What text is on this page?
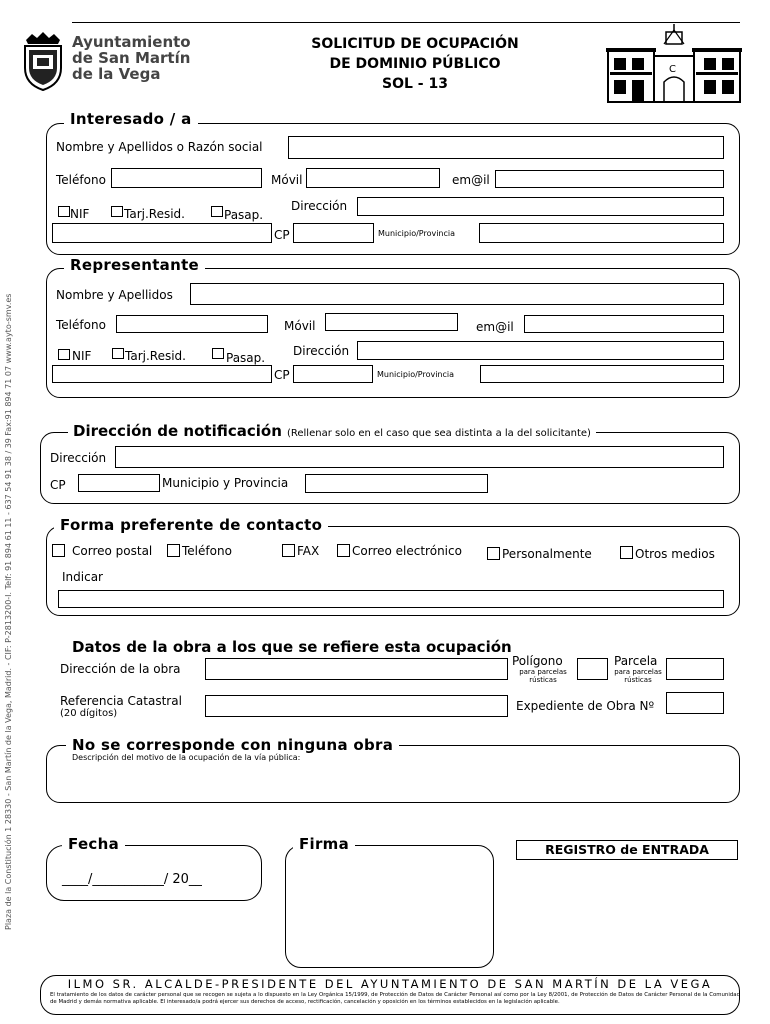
Ayuntamiento
de San Martín
de la Vega
SOLICITUD DE OCUPACIÓN
DE DOMINIO PÚBLICO
SOL - 13
C
Plaza de la Constitución 1 28330 - San Martín de la Vega, Madrid. - CIF: P-2813200-I. Telf: 91 894 61 11 - 637 54 91 38 / 39 Fax:91 894 71 07 www.ayto-smv.es
Interesado / a
Nombre y Apellidos o Razón social
Teléfono	Móvil	em@il
NIF	Tarj.Resid.	Pasap.
Dirección
CP	Municipio/Provincia
Representante
Nombre y Apellidos
Teléfono	Móvil	em@il
NIF	Tarj.Resid.	Pasap. Dirección
CP	Municipio/Provincia
Dirección de notificación (Rellenar solo en el caso que sea distinta a la del solicitante)
Dirección
CP	Municipio y Provincia
Forma preferente de contacto
Correo postal Teléfono	FAX	Correo electrónico	Personalmente	Otros medios
Indicar
Datos de la obra a los que se refiere esta ocupación
Dirección de la obra
Polígono
para parcelas rústicas
Parcela
para parcelas rústicas
Referencia Catastral
(20 dígitos)
Expediente de Obra Nº
No se corresponde con ninguna obra
Descripción del motivo de la ocupación de la vía pública:
Fecha
____/___________/ 20__
Firma	REGISTRO de ENTRADA
ILMO SR. ALCALDE-PRESIDENTE DEL AYUNTAMIENTO DE SAN MARTÍN DE LA VEGA
El tratamiento de los datos de carácter personal que se recogen se sujeta a lo dispuesto en la Ley Orgánica 15/1999, de Protección de Datos de Carácter Personal así como por la Ley 8/2001, de Protección de Datos de Carácter Personal de la Comunidad de Madrid y demás normativa aplicable. El interesado/a podrá ejercer sus derechos de acceso, rectificación, cancelación y oposición en los términos establecidos en la legislación aplicable.
